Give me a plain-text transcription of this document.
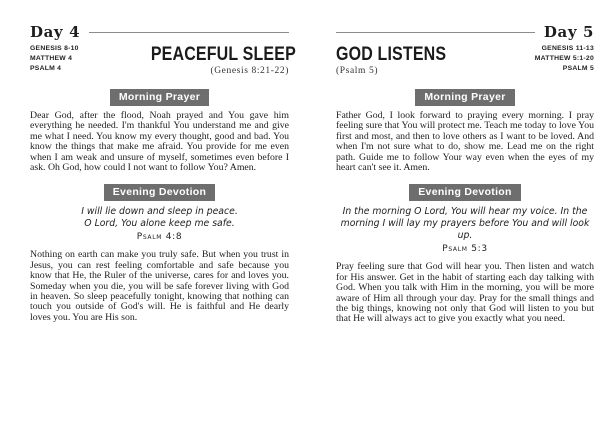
Day 4
GENESIS 8-10
MATTHEW 4
PSALM 4
PEACEFUL SLEEP
(Genesis 8:21-22)
Morning Prayer

Dear God, after the flood, Noah prayed and You gave him everything he needed. I'm thankful You understand me and give me what I need. You know my every thought, good and bad. You know the things that make me afraid. You provide for me even when I am weak and unsure of myself, sometimes even before I ask. Oh God, how could I not want to follow You? Amen.

Evening Devotion
I will lie down and sleep in peace.
O Lord, You alone keep me safe.
Psalm 4:8

Nothing on earth can make you truly safe. But when you trust in Jesus, you can rest feeling comfortable and safe because you know that He, the Ruler of the universe, cares for and loves you. Someday when you die, you will be safe forever living with God in heaven. So sleep peacefully tonight, knowing that nothing can touch you outside of God's will. He is faithful and He dearly loves you. You are His son.

Day 5
GOD LISTENS
(Psalm 5)
GENESIS 11-13
MATTHEW 5:1-20
PSALM 5
Morning Prayer

Father God, I look forward to praying every morning. I pray feeling sure that You will protect me. Teach me today to love You first and most, and then to love others as I want to be loved. And when I'm not sure what to do, show me. Lead me on the right path. Guide me to follow Your way even when the eyes of my heart can't see it. Amen.

Evening Devotion
In the morning O Lord, You will hear my voice. In the
morning I will lay my prayers before You and will look up.
Psalm 5:3

Pray feeling sure that God will hear you. Then listen and watch for His answer. Get in the habit of starting each day talking with God. When you talk with Him in the morning, you will be more aware of Him all through your day. Pray for the small things and the big things, knowing not only that God will listen to you but that He will always act to give you exactly what you need.
